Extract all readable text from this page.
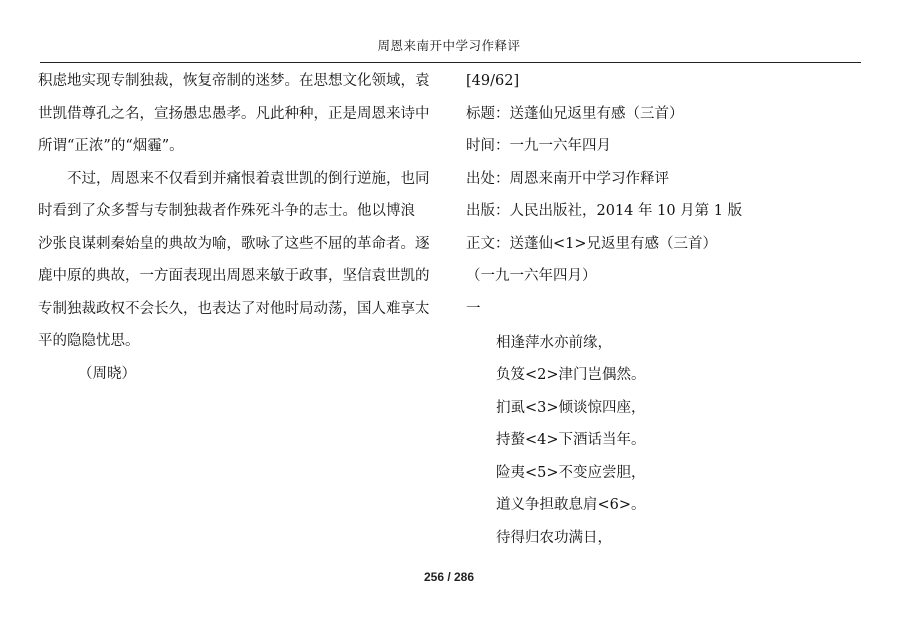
周恩来南开中学习作释评
积虑地实现专制独裁，恢复帝制的迷梦。在思想文化领域，袁
世凯借尊孔之名，宣扬愚忠愚孝。凡此种种，正是周恩来诗中
所谓“正浓”的“烟霾”。
不过，周恩来不仅看到并痛恨着袁世凯的倒行逆施，也同
时看到了众多誓与专制独裁者作殊死斗争的志士。他以博浪
沙张良谋刺秦始皇的典故为喻，歌咏了这些不屈的革命者。逐
鹿中原的典故，一方面表现出周恩来敏于政事，坚信袁世凯的
专制独裁政权不会长久，也表达了对他时局动荡，国人难享太
平的隐隐忧思。
（周晓）
[49/62]
标题：送蓬仙兄返里有感（三首）
时间：一九一六年四月
出处：周恩来南开中学习作释评
出版：人民出版社，2014 年 10 月第 1 版
正文：送蓬仙<1>兄返里有感（三首）
（一九一六年四月）
一
相逢萍水亦前缘，
负笈<2>津门岂偶然。
扪虱<3>倾谈惊四座，
持螯<4>下酒话当年。
险夷<5>不变应尝胆，
道义争担敢息肩<6>。
待得归农功满日，
256 / 286
